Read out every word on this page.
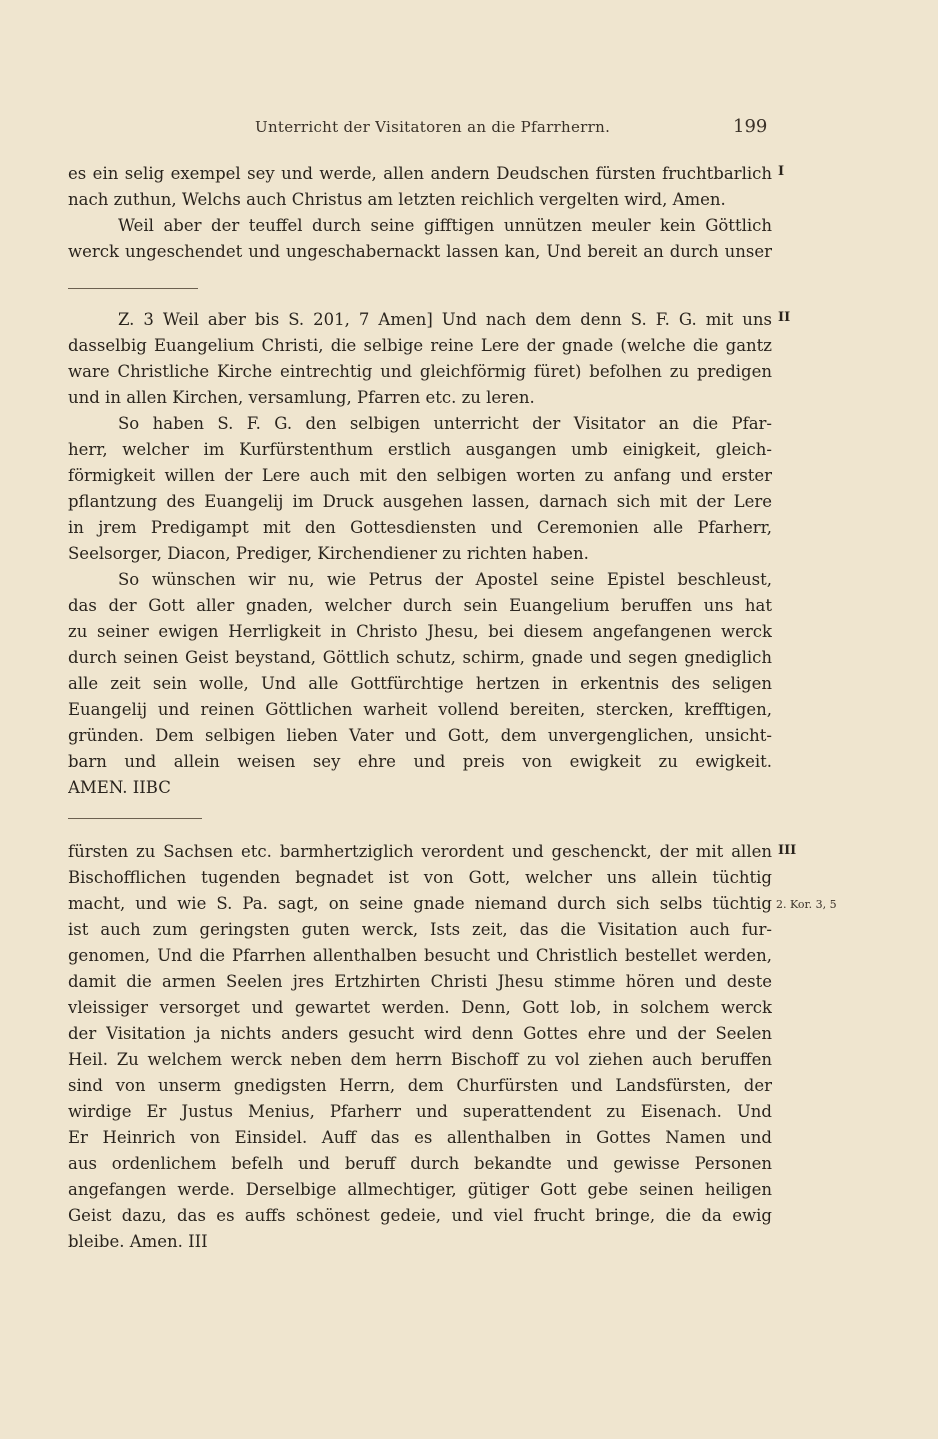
Unterricht der Visitatoren an die Pfarrherrn.	199
es ein selig exempel sey und werde, allen andern Deudschen fürsten fruchtbarlich
nach zuthun, Welchs auch Christus am letzten reichlich vergelten wird, Amen.
Weil aber der teuffel durch seine gifftigen unnützen meuler kein Göttlich
werck ungeschendet und ungeschabernackt lassen kan, Und bereit an durch unser
I
Z. 3 Weil aber bis S. 201, 7 Amen] Und nach dem denn S. F. G. mit uns
dasselbig Euangelium Christi, die selbige reine Lere der gnade (welche die gantz
ware Christliche Kirche eintrechtig und gleichförmig füret) befolhen zu predigen
und in allen Kirchen, versamlung, Pfarren etc. zu leren.
So haben S. F. G. den selbigen unterricht der Visitator an die Pfar-
herr, welcher im Kurfürstenthum erstlich ausgangen umb einigkeit, gleich-
förmigkeit willen der Lere auch mit den selbigen worten zu anfang und erster
pflantzung des Euangelij im Druck ausgehen lassen, darnach sich mit der Lere
in jrem Predigampt mit den Gottesdiensten und Ceremonien alle Pfarherr,
Seelsorger, Diacon, Prediger, Kirchendiener zu richten haben.
So wünschen wir nu, wie Petrus der Apostel seine Epistel beschleust,
das der Gott aller gnaden, welcher durch sein Euangelium beruffen uns hat
zu seiner ewigen Herrligkeit in Christo Jhesu, bei diesem angefangenen werck
durch seinen Geist beystand, Göttlich schutz, schirm, gnade und segen gnediglich
alle zeit sein wolle, Und alle Gottfürchtige hertzen in erkentnis des seligen
Euangelij und reinen Göttlichen warheit vollend bereiten, stercken, krefftigen,
gründen. Dem selbigen lieben Vater und Gott, dem unvergenglichen, unsicht-
barn und allein weisen sey ehre und preis von ewigkeit zu ewigkeit.
AMEN. IIBC
II
fürsten zu Sachsen etc. barmhertziglich verordent und geschenckt, der mit allen
Bischofflichen tugenden begnadet ist von Gott, welcher uns allein tüchtig
macht, und wie S. Pa. sagt, on seine gnade niemand durch sich selbs tüchtig
ist auch zum geringsten guten werck, Ists zeit, das die Visitation auch fur-
genomen, Und die Pfarrhen allenthalben besucht und Christlich bestellet werden,
damit die armen Seelen jres Ertzhirten Christi Jhesu stimme hören und deste
vleissiger versorget und gewartet werden. Denn, Gott lob, in solchem werck
der Visitation ja nichts anders gesucht wird denn Gottes ehre und der Seelen
Heil. Zu welchem werck neben dem herrn Bischoff zu vol ziehen auch beruffen
sind von unserm gnedigsten Herrn, dem Churfürsten und Landsfürsten, der
wirdige Er Justus Menius, Pfarherr und superattendent zu Eisenach. Und
Er Heinrich von Einsidel. Auff das es allenthalben in Gottes Namen und
aus ordenlichem befelh und beruff durch bekandte und gewisse Personen
angefangen werde. Derselbige allmechtiger, gütiger Gott gebe seinen heiligen
Geist dazu, das es auffs schönest gedeie, und viel frucht bringe, die da ewig
bleibe. Amen. III
III
2. Kor. 3, 5
